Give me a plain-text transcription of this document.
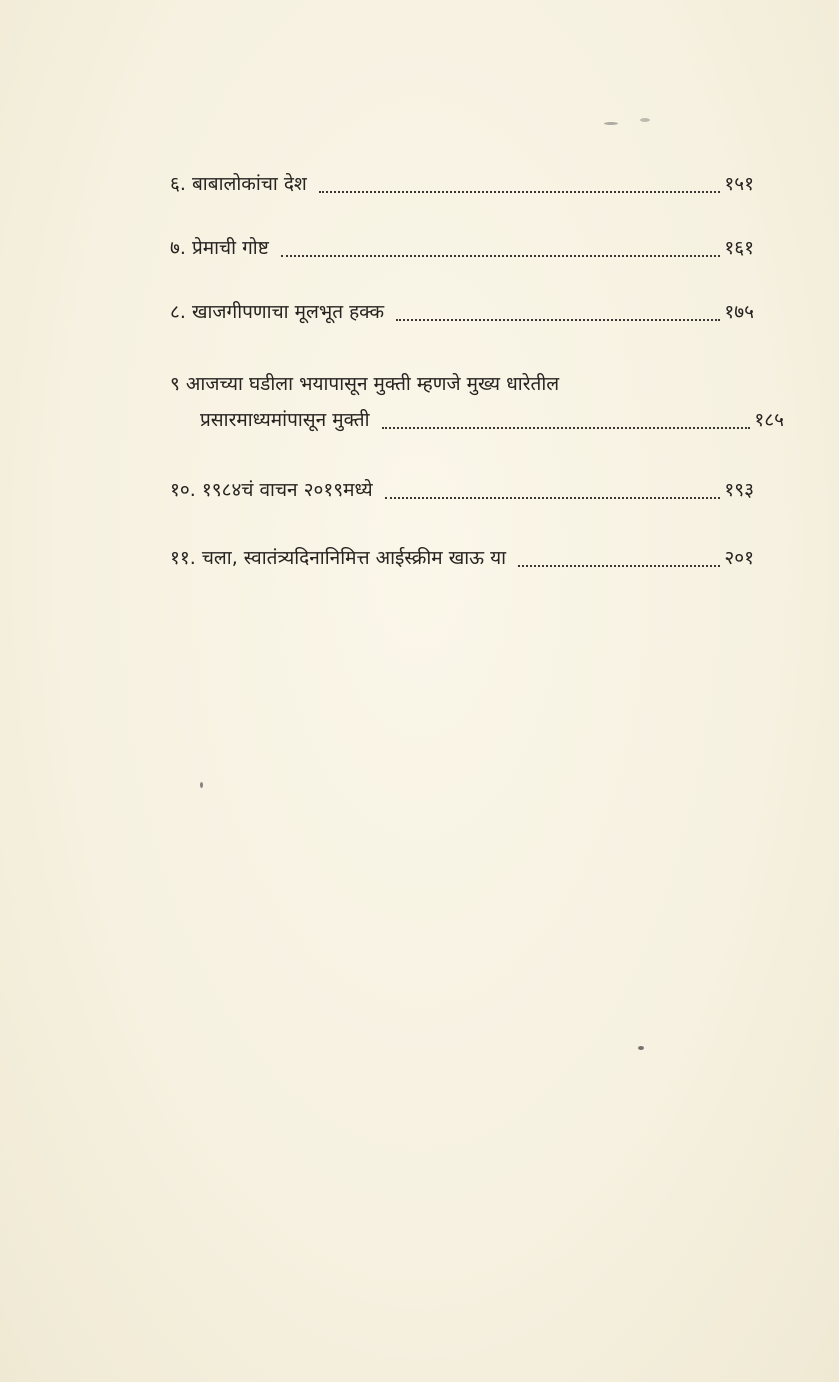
६. बाबालोकांचा देश	१५१
७. प्रेमाची गोष्ट	१६१
८. खाजगीपणाचा मूलभूत हक्क	१७५
९ आजच्या घडीला भयापासून मुक्ती म्हणजे मुख्य धारेतील
प्रसारमाध्यमांपासून मुक्ती	१८५
१०. १९८४चं वाचन २०१९मध्ये	१९३
११. चला, स्वातंत्र्यदिनानिमित्त आईस्क्रीम खाऊ या	२०१
